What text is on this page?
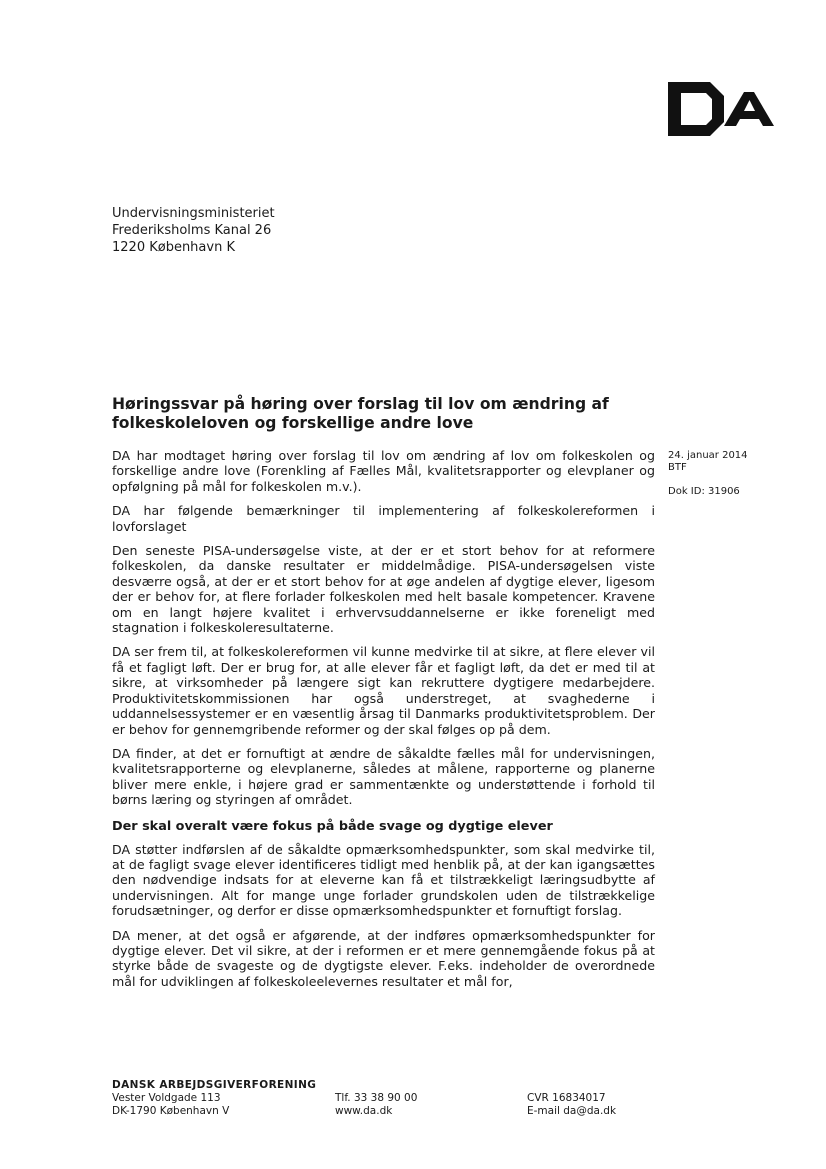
Undervisningsministeriet
Frederiksholms Kanal 26
1220 København K
Høringssvar på høring over forslag til lov om ændring af folkeskoleloven og forskellige andre love
24. januar 2014
BTF
Dok ID: 31906

DA har modtaget høring over forslag til lov om ændring af lov om folkeskolen og forskellige andre love (Forenkling af Fælles Mål, kvalitetsrapporter og elevplaner og opfølgning på mål for folkeskolen m.v.).

DA har følgende bemærkninger til implementering af folkeskolereformen i lovforslaget

Den seneste PISA-undersøgelse viste, at der er et stort behov for at reformere folkeskolen, da danske resultater er middelmådige. PISA-undersøgelsen viste desværre også, at der er et stort behov for at øge andelen af dygtige elever, ligesom der er behov for, at flere forlader folkeskolen med helt basale kompetencer. Kravene om en langt højere kvalitet i erhvervsuddannelserne er ikke foreneligt med stagnation i folkeskoleresultaterne.

DA ser frem til, at folkeskolereformen vil kunne medvirke til at sikre, at flere elever vil få et fagligt løft. Der er brug for, at alle elever får et fagligt løft, da det er med til at sikre, at virksomheder på længere sigt kan rekruttere dygtigere medarbejdere. Produktivitetskommissionen har også understreget, at svaghederne i uddannelsessystemer er en væsentlig årsag til Danmarks produktivitetsproblem. Der er behov for gennemgribende reformer og der skal følges op på dem.

DA finder, at det er fornuftigt at ændre de såkaldte fælles mål for undervisningen, kvalitetsrapporterne og elevplanerne, således at målene, rapporterne og planerne bliver mere enkle, i højere grad er sammentænkte og understøttende i forhold til børns læring og styringen af området.

Der skal overalt være fokus på både svage og dygtige elever

DA støtter indførslen af de såkaldte opmærksomhedspunkter, som skal medvirke til, at de fagligt svage elever identificeres tidligt med henblik på, at der kan igangsættes den nødvendige indsats for at eleverne kan få et tilstrækkeligt læringsudbytte af undervisningen. Alt for mange unge forlader grundskolen uden de tilstrækkelige forudsætninger, og derfor er disse opmærksomhedspunkter et fornuftigt forslag.

DA mener, at det også er afgørende, at der indføres opmærksomhedspunkter for dygtige elever. Det vil sikre, at der i reformen er et mere gennemgående fokus på at styrke både de svageste og de dygtigste elever. F.eks. indeholder de overordnede mål for udviklingen af folkeskoleelevernes resultater et mål for,

DANSK ARBEJDSGIVERFORENING
Vester Voldgade 113
DK-1790 København V
Tlf. 33 38 90 00
www.da.dk
CVR 16834017
E-mail da@da.dk
